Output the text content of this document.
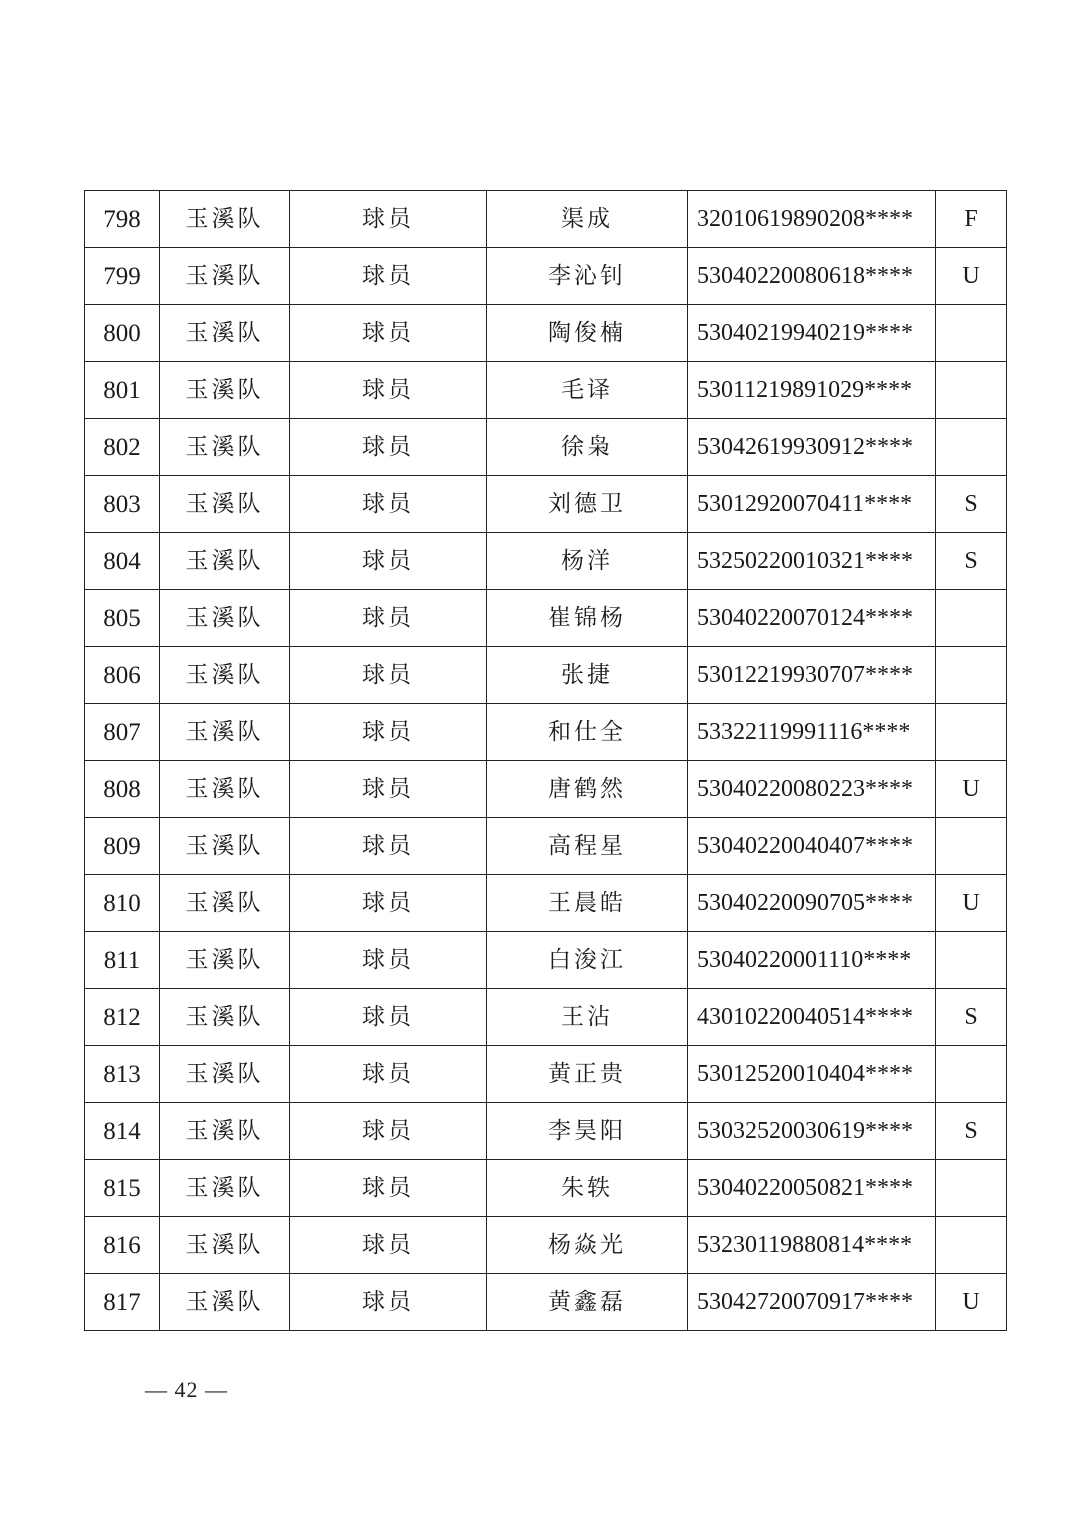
798	玉溪队	球员	渠成	32010619890208****	F
799	玉溪队	球员	李沁钊	53040220080618****	U
800	玉溪队	球员	陶俊楠	53040219940219****	
801	玉溪队	球员	毛译	53011219891029****	
802	玉溪队	球员	徐枭	53042619930912****	
803	玉溪队	球员	刘德卫	53012920070411****	S
804	玉溪队	球员	杨洋	53250220010321****	S
805	玉溪队	球员	崔锦杨	53040220070124****	
806	玉溪队	球员	张捷	53012219930707****	
807	玉溪队	球员	和仕全	53322119991116****	
808	玉溪队	球员	唐鹤然	53040220080223****	U
809	玉溪队	球员	高程星	53040220040407****	
810	玉溪队	球员	王晨皓	53040220090705****	U
811	玉溪队	球员	白浚江	53040220001110****	
812	玉溪队	球员	王沾	43010220040514****	S
813	玉溪队	球员	黄正贵	53012520010404****	
814	玉溪队	球员	李昊阳	53032520030619****	S
815	玉溪队	球员	朱轶	53040220050821****	
816	玉溪队	球员	杨焱光	53230119880814****	
817	玉溪队	球员	黄鑫磊	53042720070917****	U
— 42 —
